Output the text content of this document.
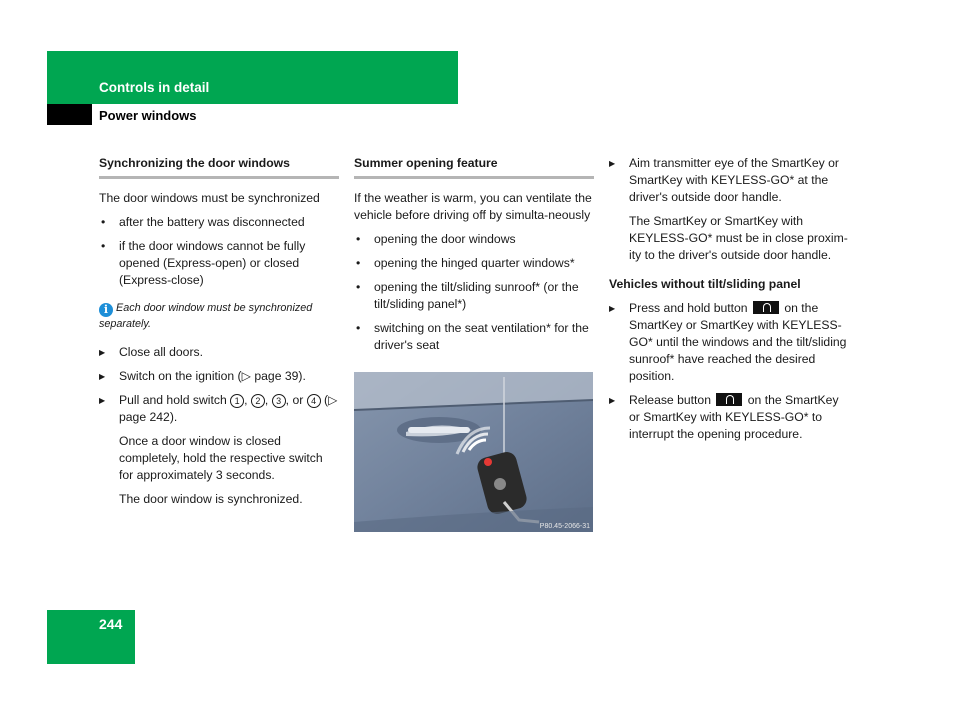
Controls in detail
Power windows
Synchronizing the door windows

The door windows must be synchronized

• after the battery was disconnected
• if the door windows cannot be fully opened (Express-open) or closed (Express-close)
i Each door window must be synchronized separately.
▶ Close all doors.
▶ Switch on the ignition (▷ page 39).
▶ Pull and hold switch 1 , 2 , 3 , or 4 (▷ page 242).
Once a door window is closed completely, hold the respective switch for approximately 3 seconds.
The door window is synchronized.
Summer opening feature

If the weather is warm, you can ventilate the vehicle before driving off by simulta-neously

• opening the door windows
• opening the hinged quarter windows*
• opening the tilt/sliding sunroof* (or the tilt/sliding panel*)
• switching on the seat ventilation* for the driver's seat
P80.45-2066-31
▶ Aim transmitter eye of the SmartKey or SmartKey with KEYLESS-GO* at the driver's outside door handle.
The SmartKey or SmartKey with KEYLESS-GO* must be in close proxim-ity to the driver's outside door handle.
Vehicles without tilt/sliding panel
▶ Press and hold button  on the SmartKey or SmartKey with KEYLESS-GO* until the windows and the tilt/sliding sunroof* have reached the desired position.
▶ Release button  on the SmartKey or SmartKey with KEYLESS-GO* to interrupt the opening procedure.
244
